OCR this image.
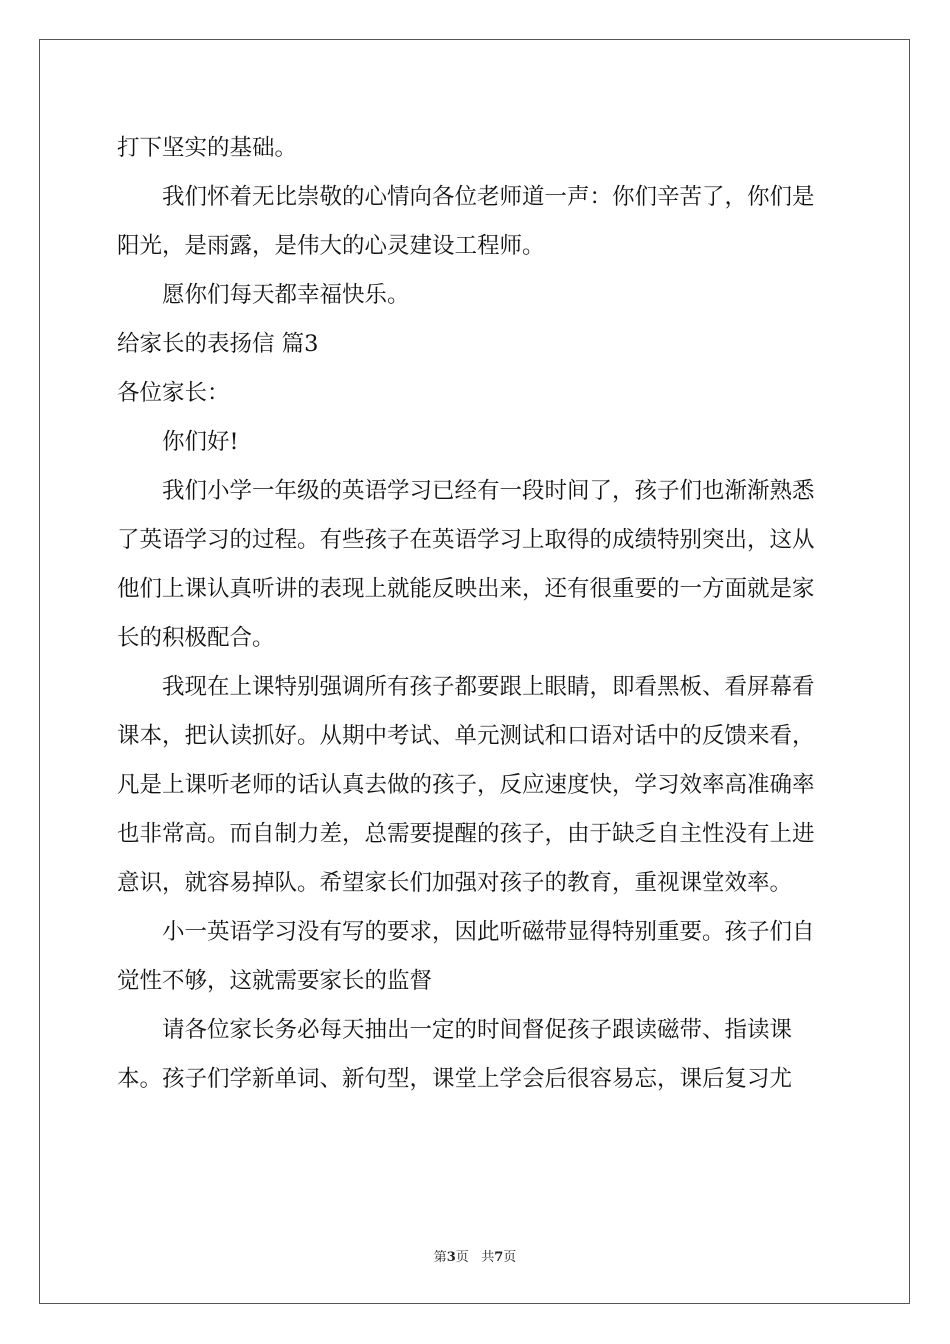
打下坚实的基础。

我们怀着无比崇敬的心情向各位老师道一声：你们辛苦了，你们是阳光，是雨露，是伟大的心灵建设工程师。

愿你们每天都幸福快乐。

给家长的表扬信 篇3

各位家长：

你们好!

我们小学一年级的英语学习已经有一段时间了，孩子们也渐渐熟悉了英语学习的过程。有些孩子在英语学习上取得的成绩特别突出，这从他们上课认真听讲的表现上就能反映出来，还有很重要的一方面就是家长的积极配合。

我现在上课特别强调所有孩子都要跟上眼睛，即看黑板、看屏幕看课本，把认读抓好。从期中考试、单元测试和口语对话中的反馈来看，凡是上课听老师的话认真去做的孩子，反应速度快，学习效率高准确率也非常高。而自制力差，总需要提醒的孩子，由于缺乏自主性没有上进意识，就容易掉队。希望家长们加强对孩子的教育，重视课堂效率。

小一英语学习没有写的要求，因此听磁带显得特别重要。孩子们自觉性不够，这就需要家长的监督

请各位家长务必每天抽出一定的时间督促孩子跟读磁带、指读课本。孩子们学新单词、新句型，课堂上学会后很容易忘，课后复习尤

第3页 共7页
